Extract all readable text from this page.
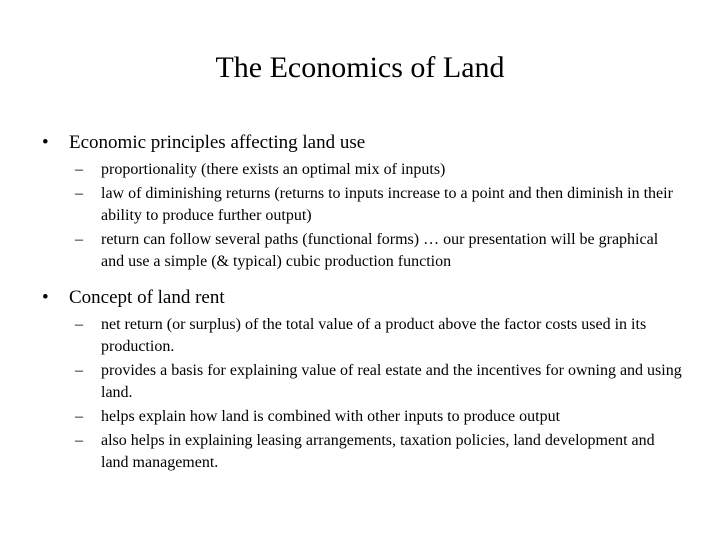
The Economics of Land
• Economic principles affecting land use
– proportionality (there exists an optimal mix of inputs)
– law of diminishing returns (returns to inputs increase to a point and then diminish in their ability to produce further output)
– return can follow several paths (functional forms) … our presentation will be graphical and use a simple (& typical) cubic production function
• Concept of land rent
– net return (or surplus) of the total value of a product above the factor costs used in its production.
– provides a basis for explaining value of real estate and the incentives for owning and using land.
– helps explain how land is combined with other inputs to produce output
– also helps in explaining leasing arrangements, taxation policies, land development and land management.
